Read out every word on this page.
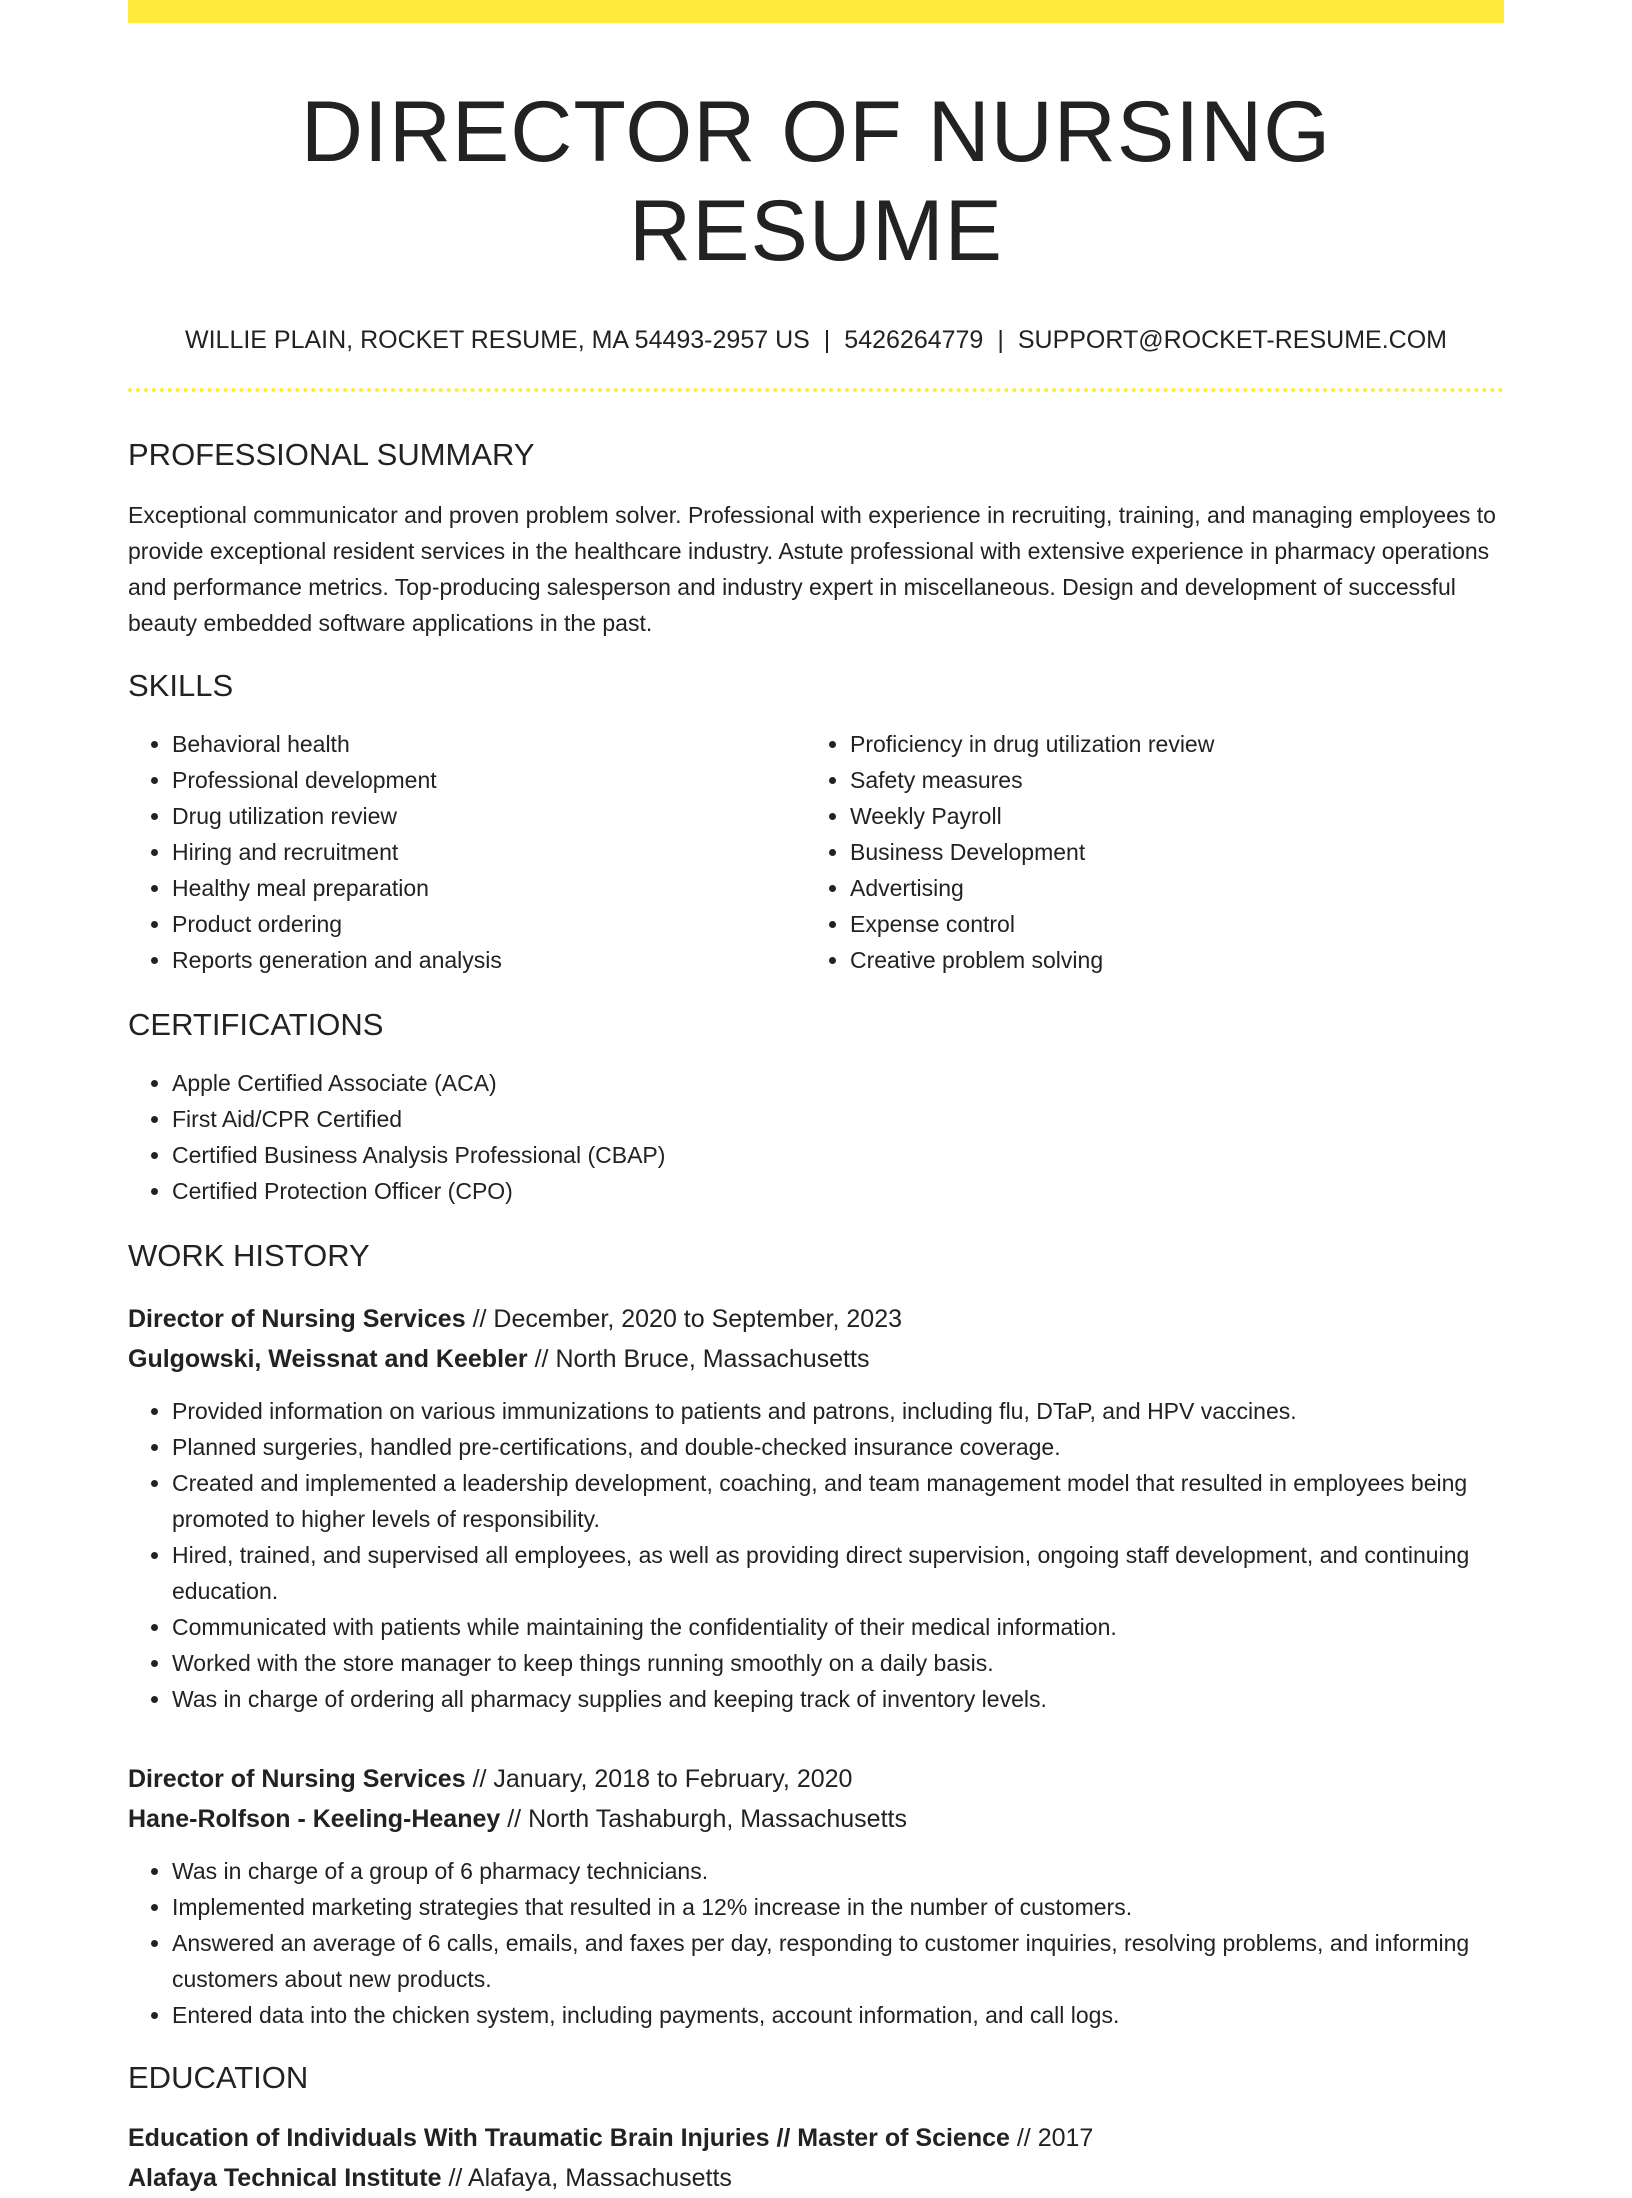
DIRECTOR OF NURSING RESUME
WILLIE PLAIN, ROCKET RESUME, MA 54493-2957 US | 5426264779 | SUPPORT@ROCKET-RESUME.COM
PROFESSIONAL SUMMARY

Exceptional communicator and proven problem solver. Professional with experience in recruiting, training, and managing employees to provide exceptional resident services in the healthcare industry. Astute professional with extensive experience in pharmacy operations and performance metrics. Top-producing salesperson and industry expert in miscellaneous. Design and development of successful beauty embedded software applications in the past.

SKILLS
• Behavioral health
• Professional development
• Drug utilization review
• Hiring and recruitment
• Healthy meal preparation
• Product ordering
• Reports generation and analysis
• Proficiency in drug utilization review
• Safety measures
• Weekly Payroll
• Business Development
• Advertising
• Expense control
• Creative problem solving
CERTIFICATIONS
• Apple Certified Associate (ACA)
• First Aid/CPR Certified
• Certified Business Analysis Professional (CBAP)
• Certified Protection Officer (CPO)
WORK HISTORY
Director of Nursing Services // December, 2020 to September, 2023
Gulgowski, Weissnat and Keebler // North Bruce, Massachusetts
• Provided information on various immunizations to patients and patrons, including flu, DTaP, and HPV vaccines.
• Planned surgeries, handled pre-certifications, and double-checked insurance coverage.
• Created and implemented a leadership development, coaching, and team management model that resulted in employees being promoted to higher levels of responsibility.
• Hired, trained, and supervised all employees, as well as providing direct supervision, ongoing staff development, and continuing education.
• Communicated with patients while maintaining the confidentiality of their medical information.
• Worked with the store manager to keep things running smoothly on a daily basis.
• Was in charge of ordering all pharmacy supplies and keeping track of inventory levels.
Director of Nursing Services // January, 2018 to February, 2020
Hane-Rolfson - Keeling-Heaney // North Tashaburgh, Massachusetts
• Was in charge of a group of 6 pharmacy technicians.
• Implemented marketing strategies that resulted in a 12% increase in the number of customers.
• Answered an average of 6 calls, emails, and faxes per day, responding to customer inquiries, resolving problems, and informing customers about new products.
• Entered data into the chicken system, including payments, account information, and call logs.
EDUCATION
Education of Individuals With Traumatic Brain Injuries // Master of Science // 2017
Alafaya Technical Institute // Alafaya, Massachusetts
